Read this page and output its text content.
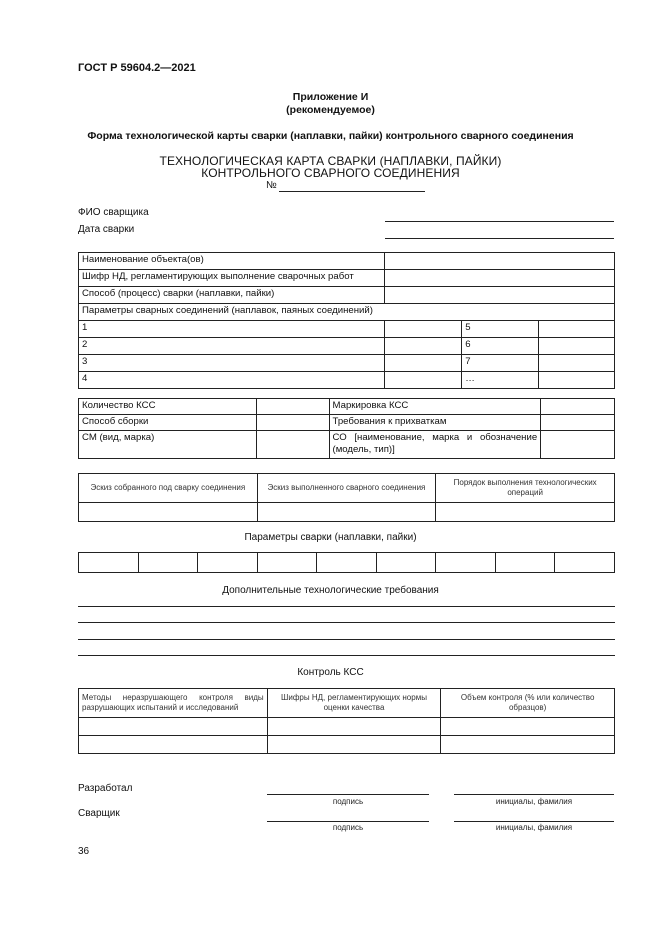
ГОСТ Р 59604.2—2021
Приложение И
(рекомендуемое)
Форма технологической карты сварки (наплавки, пайки) контрольного сварного соединения
ТЕХНОЛОГИЧЕСКАЯ КАРТА СВАРКИ (НАПЛАВКИ, ПАЙКИ)
КОНТРОЛЬНОГО СВАРНОГО СОЕДИНЕНИЯ
№
ФИО сварщика
Дата сварки
Наименование объекта(ов)			
Шифр НД, регламентирующих выполнение сварочных работ			
Способ (процесс) сварки (наплавки, пайки)			
Параметры сварных соединений (наплавок, паяных соединений)			
1		5	
2		6	
3		7	
4		…	
Количество КСС		Маркировка КСС	
Способ сборки		Требования к прихваткам	
СМ (вид, марка)		СО [наименование, марка и обозначение (модель, тип)]	
Эскиз собранного под сварку соединения	Эскиз выполненного сварного соединения	Порядок выполнения технологических операций

Параметры сварки (наплавки, пайки)

Дополнительные технологические требования
Контроль КСС
Методы неразрушающего контроля виды разрушающих испытаний и исследований	Шифры НД, регламентирующих нормы оценки качества	Объем контроля (% или количество образцов)

Разработал
подпись	инициалы, фамилия
Сварщик
подпись	инициалы, фамилия
36
